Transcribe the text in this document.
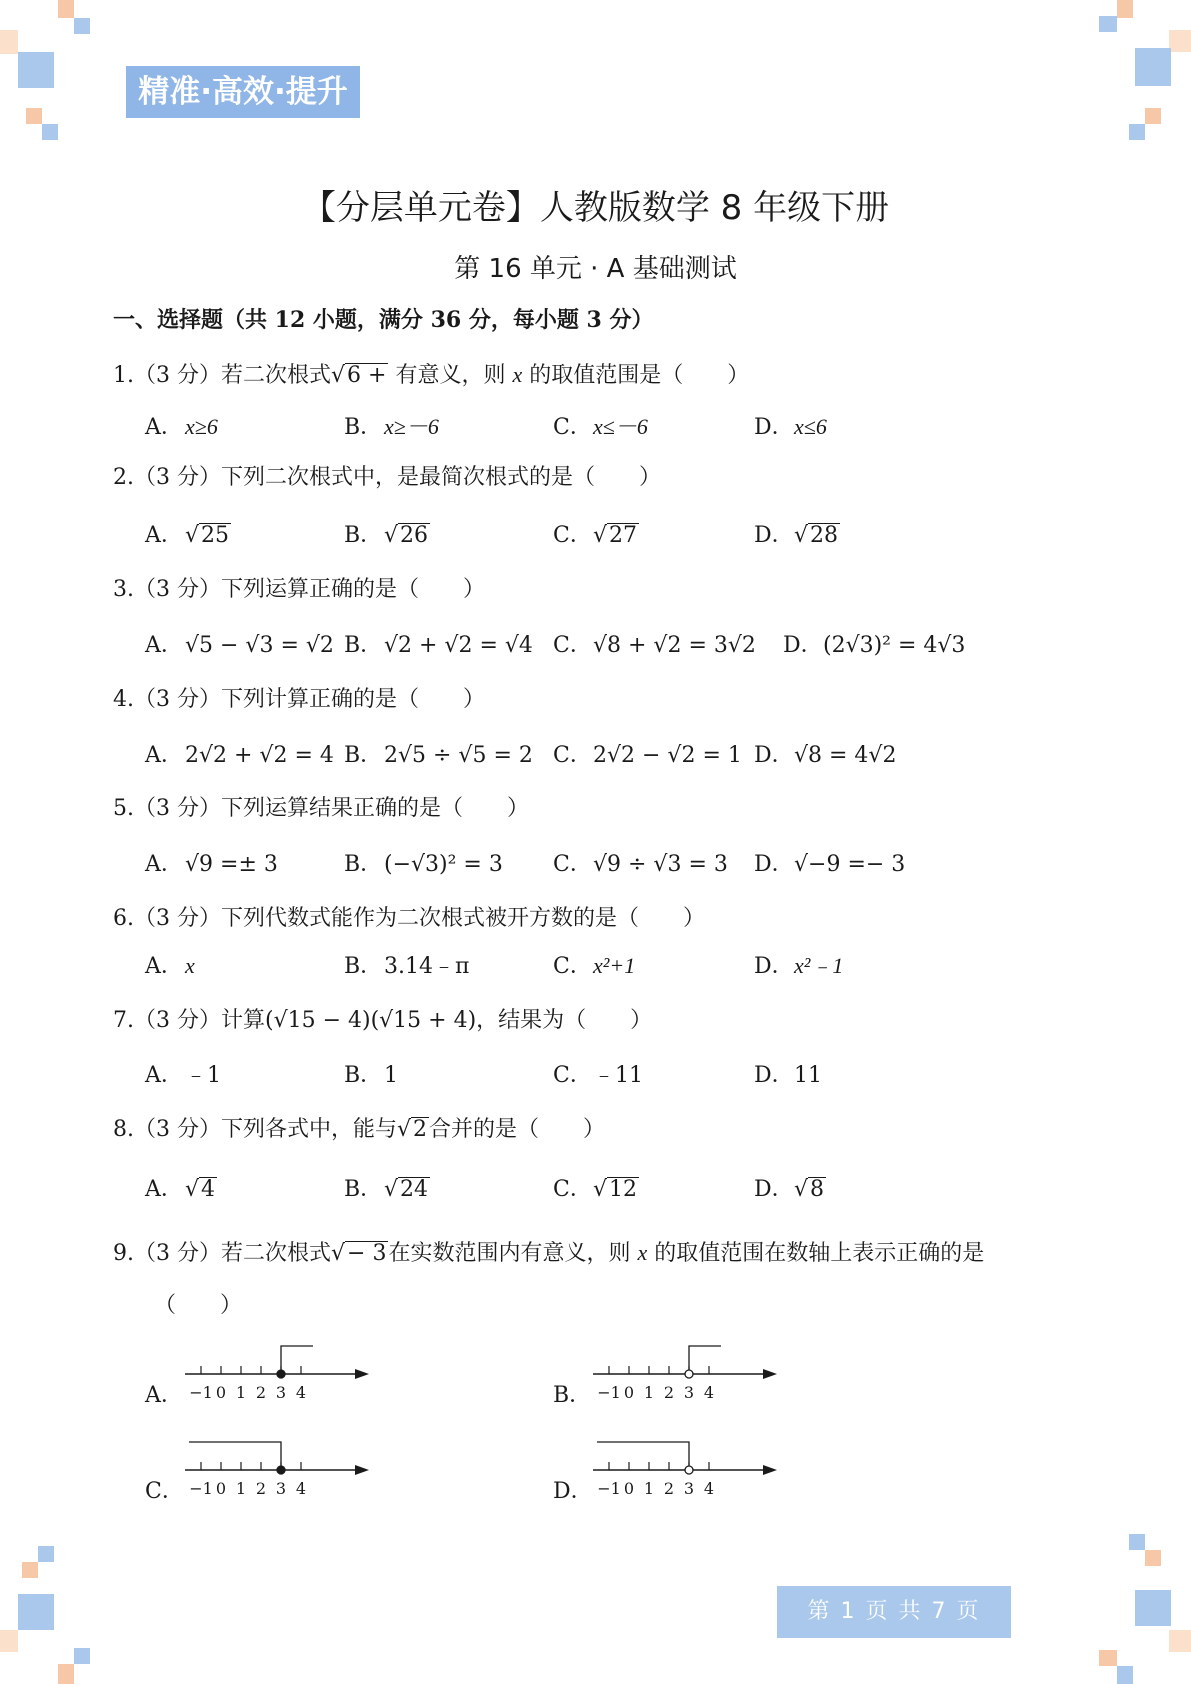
精准·高效·提升
【分层单元卷】人教版数学 8 年级下册
第 16 单元 · A 基础测试
一、选择题（共 12 小题，满分 36 分，每小题 3 分）
1.（3 分）若二次根式√6 + 有意义，则 x 的取值范围是（　　）
A．x≥6	B．x≥－6	C．x≤－6	D．x≤6
2.（3 分）下列二次根式中，是最简次根式的是（　　）
A．√25	B．√26	C．√27	D．√28
3.（3 分）下列运算正确的是（　　）
A．√5 − √3 = √2 B．√2 + √2 = √4 C．√8 + √2 = 3√2 D．(2√3)² = 4√3
4.（3 分）下列计算正确的是（　　）
A．2√2 + √2 = 4 B．2√5 ÷ √5 = 2 C．2√2 − √2 = 1 D．√8 = 4√2
5.（3 分）下列运算结果正确的是（　　）
A．√9 =± 3	B．(−√3)² = 3 C．√9 ÷ √3 = 3 D．√−9 =− 3
6.（3 分）下列代数式能作为二次根式被开方数的是（　　）
A．x	B．3.14﹣π	C．x²+1	D．x²﹣1
7.（3 分）计算(√15 − 4)(√15 + 4)，结果为（　　）
A．﹣1	B．1	C．﹣11	D．11
8.（3 分）下列各式中，能与√2合并的是（　　）
A．√4	B．√24	C．√12	D．√8
9.（3 分）若二次根式√− 3在实数范围内有意义，则 x 的取值范围在数轴上表示正确的是
（　　）
A． −1 0 1 2 3 4	B． −1 0 1 2 3 4
C． −1 0 1 2 3 4	D． −1 0 1 2 3 4
第 1 页 共 7 页
